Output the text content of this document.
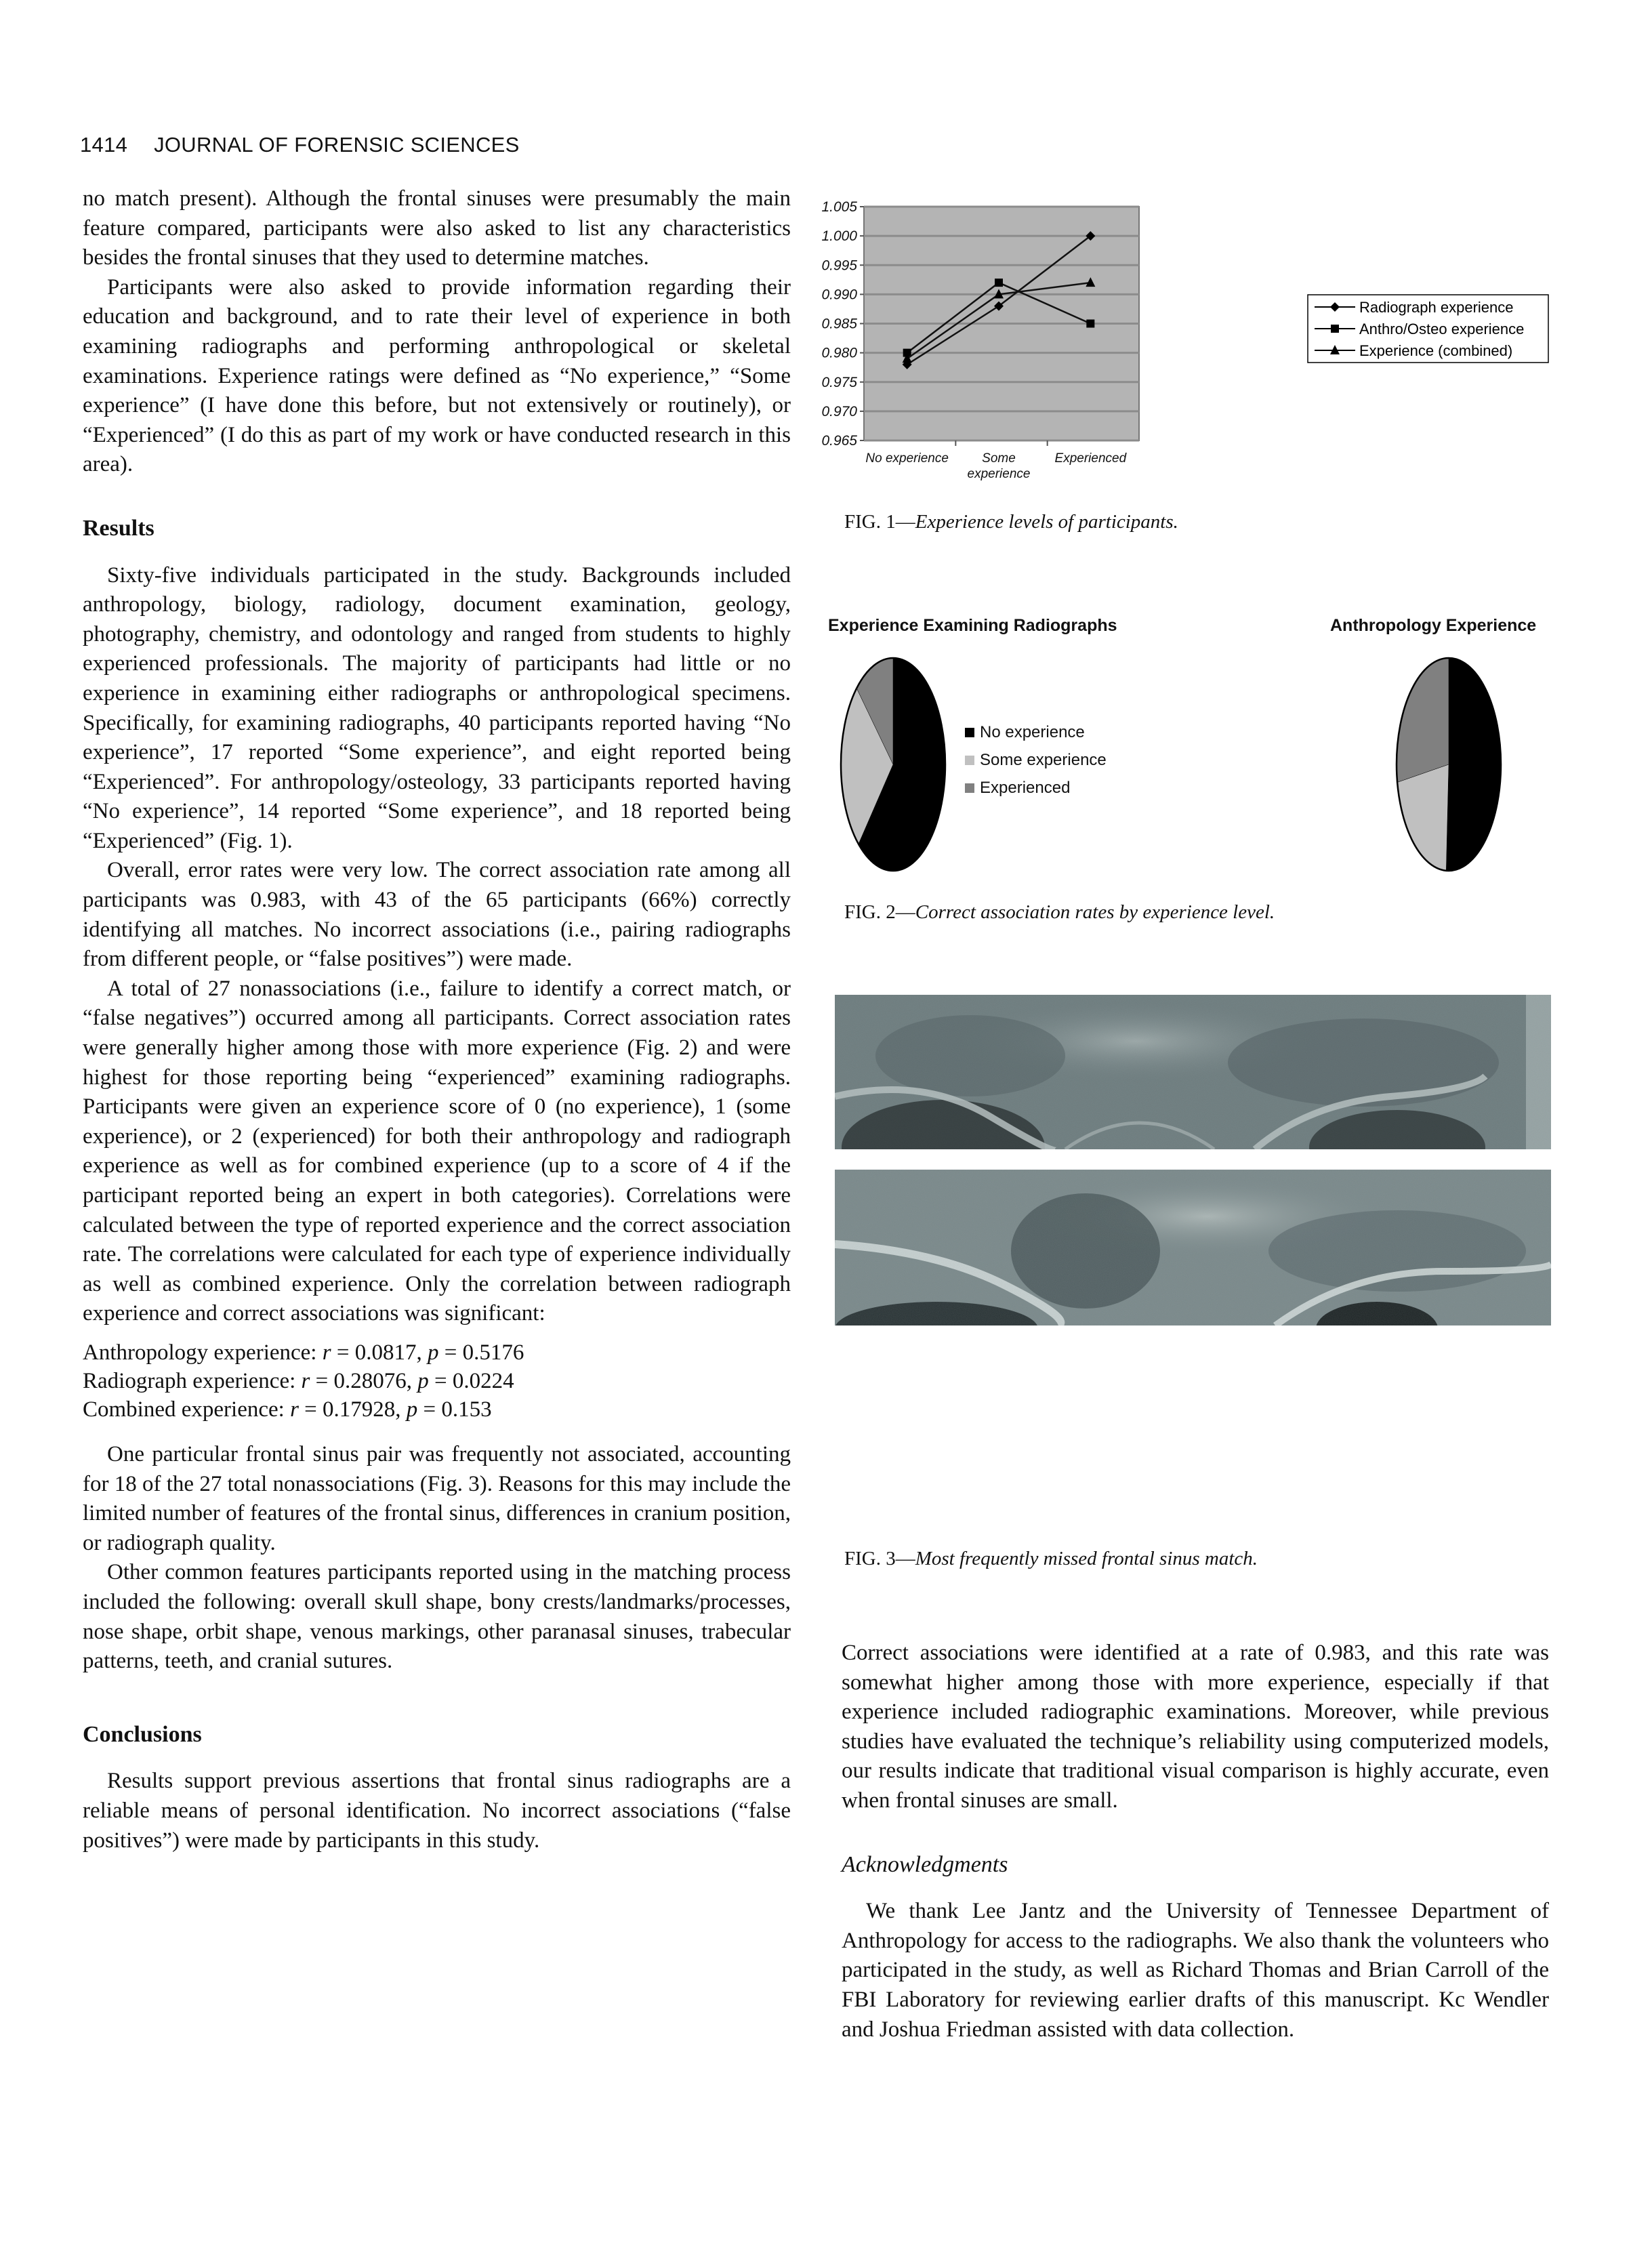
1414 JOURNAL OF FORENSIC SCIENCES

no match present). Although the frontal sinuses were presumably the main feature compared, participants were also asked to list any characteristics besides the frontal sinuses that they used to determine matches.

Participants were also asked to provide information regarding their education and background, and to rate their level of experience in both examining radiographs and performing anthropological or skeletal examinations. Experience ratings were defined as “No experience,” “Some experience” (I have done this before, but not extensively or routinely), or “Experienced” (I do this as part of my work or have conducted research in this area).

Results

Sixty-five individuals participated in the study. Backgrounds included anthropology, biology, radiology, document examination, geology, photography, chemistry, and odontology and ranged from students to highly experienced professionals. The majority of participants had little or no experience in examining either radiographs or anthropological specimens. Specifically, for examining radiographs, 40 participants reported having “No experience”, 17 reported “Some experience”, and eight reported being “Experienced”. For anthropology/osteology, 33 participants reported having “No experience”, 14 reported “Some experience”, and 18 reported being “Experienced” (Fig. 1).

Overall, error rates were very low. The correct association rate among all participants was 0.983, with 43 of the 65 participants (66%) correctly identifying all matches. No incorrect associations (i.e., pairing radiographs from different people, or “false positives”) were made.

A total of 27 nonassociations (i.e., failure to identify a correct match, or “false negatives”) occurred among all participants. Correct association rates were generally higher among those with more experience (Fig. 2) and were highest for those reporting being “experienced” examining radiographs. Participants were given an experience score of 0 (no experience), 1 (some experience), or 2 (experienced) for both their anthropology and radiograph experience as well as for combined experience (up to a score of 4 if the participant reported being an expert in both categories). Correlations were calculated between the type of reported experience and the correct association rate. The correlations were calculated for each type of experience individually as well as combined experience. Only the correlation between radiograph experience and correct associations was significant:

Anthropology experience: r = 0.0817, p = 0.5176
Radiograph experience: r = 0.28076, p = 0.0224
Combined experience: r = 0.17928, p = 0.153

One particular frontal sinus pair was frequently not associated, accounting for 18 of the 27 total nonassociations (Fig. 3). Reasons for this may include the limited number of features of the frontal sinus, differences in cranium position, or radiograph quality.

Other common features participants reported using in the matching process included the following: overall skull shape, bony crests/landmarks/processes, nose shape, orbit shape, venous markings, other paranasal sinuses, trabecular patterns, teeth, and cranial sutures.

Conclusions

Results support previous assertions that frontal sinus radiographs are a reliable means of personal identification. No incorrect associations (“false positives”) were made by participants in this study.

1.005
1.000
0.995
0.990
0.985
0.980
0.975
0.970
0.965
No experience	Some
experience
Experienced
Radiograph experience
Anthro/Osteo experience
Experience (combined)
FIG. 1—Experience levels of participants.
Experience Examining Radiographs	Anthropology Experience
No experience
Some experience
Experienced
FIG. 2—Correct association rates by experience level.
FIG. 3—Most frequently missed frontal sinus match.

Correct associations were identified at a rate of 0.983, and this rate was somewhat higher among those with more experience, especially if that experience included radiographic examinations. Moreover, while previous studies have evaluated the technique’s reliability using computerized models, our results indicate that traditional visual comparison is highly accurate, even when frontal sinuses are small.

Acknowledgments

We thank Lee Jantz and the University of Tennessee Department of Anthropology for access to the radiographs. We also thank the volunteers who participated in the study, as well as Richard Thomas and Brian Carroll of the FBI Laboratory for reviewing earlier drafts of this manuscript. Kc Wendler and Joshua Friedman assisted with data collection.
